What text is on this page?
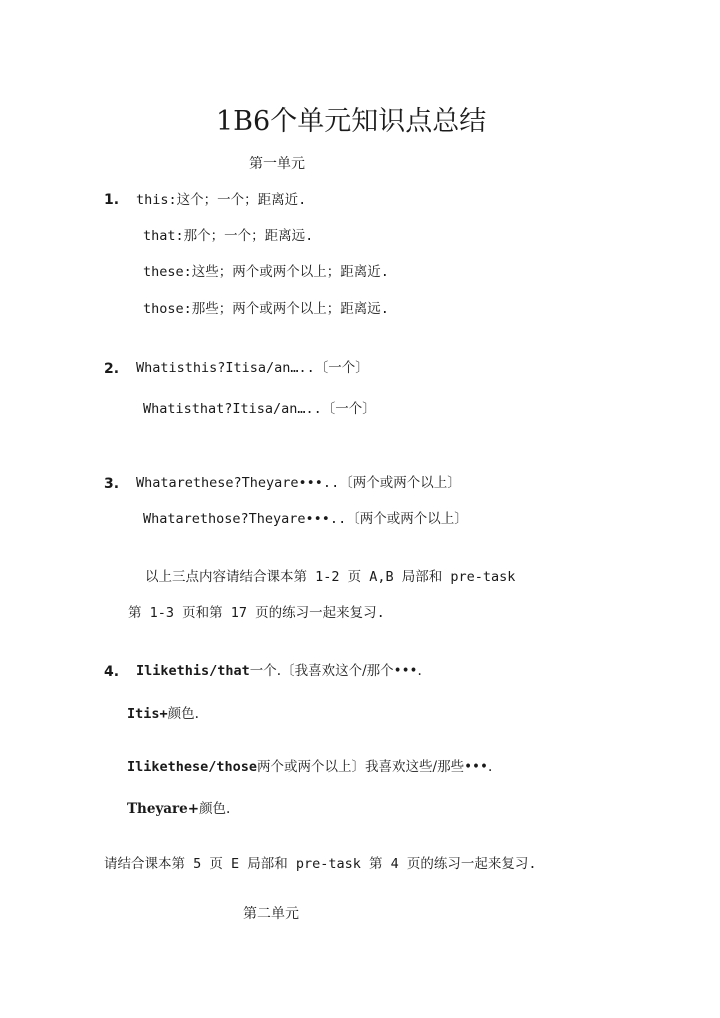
1B6个单元知识点总结
第一单元
1. this:这个；一个；距离近.
that:那个；一个；距离远.
these:这些；两个或两个以上；距离近.
those:那些；两个或两个以上；距离远.
2. Whatisthis?Itisa/an…..〔一个〕
Whatisthat?Itisa/an…..〔一个〕
3. Whatarethese?Theyare•••..〔两个或两个以上〕
Whatarethose?Theyare•••..〔两个或两个以上〕
以上三点内容请结合课本第 1-2 页 A,B 局部和 pre-task
第 1-3 页和第 17 页的练习一起来复习.
4. Ilikethis/that一个.〔我喜欢这个/那个•••.
Itis+颜色.
Ilikethese/those两个或两个以上〕我喜欢这些/那些•••.
Theyare+颜色.
请结合课本第 5 页 E 局部和 pre-task 第 4 页的练习一起来复习.
第二单元
